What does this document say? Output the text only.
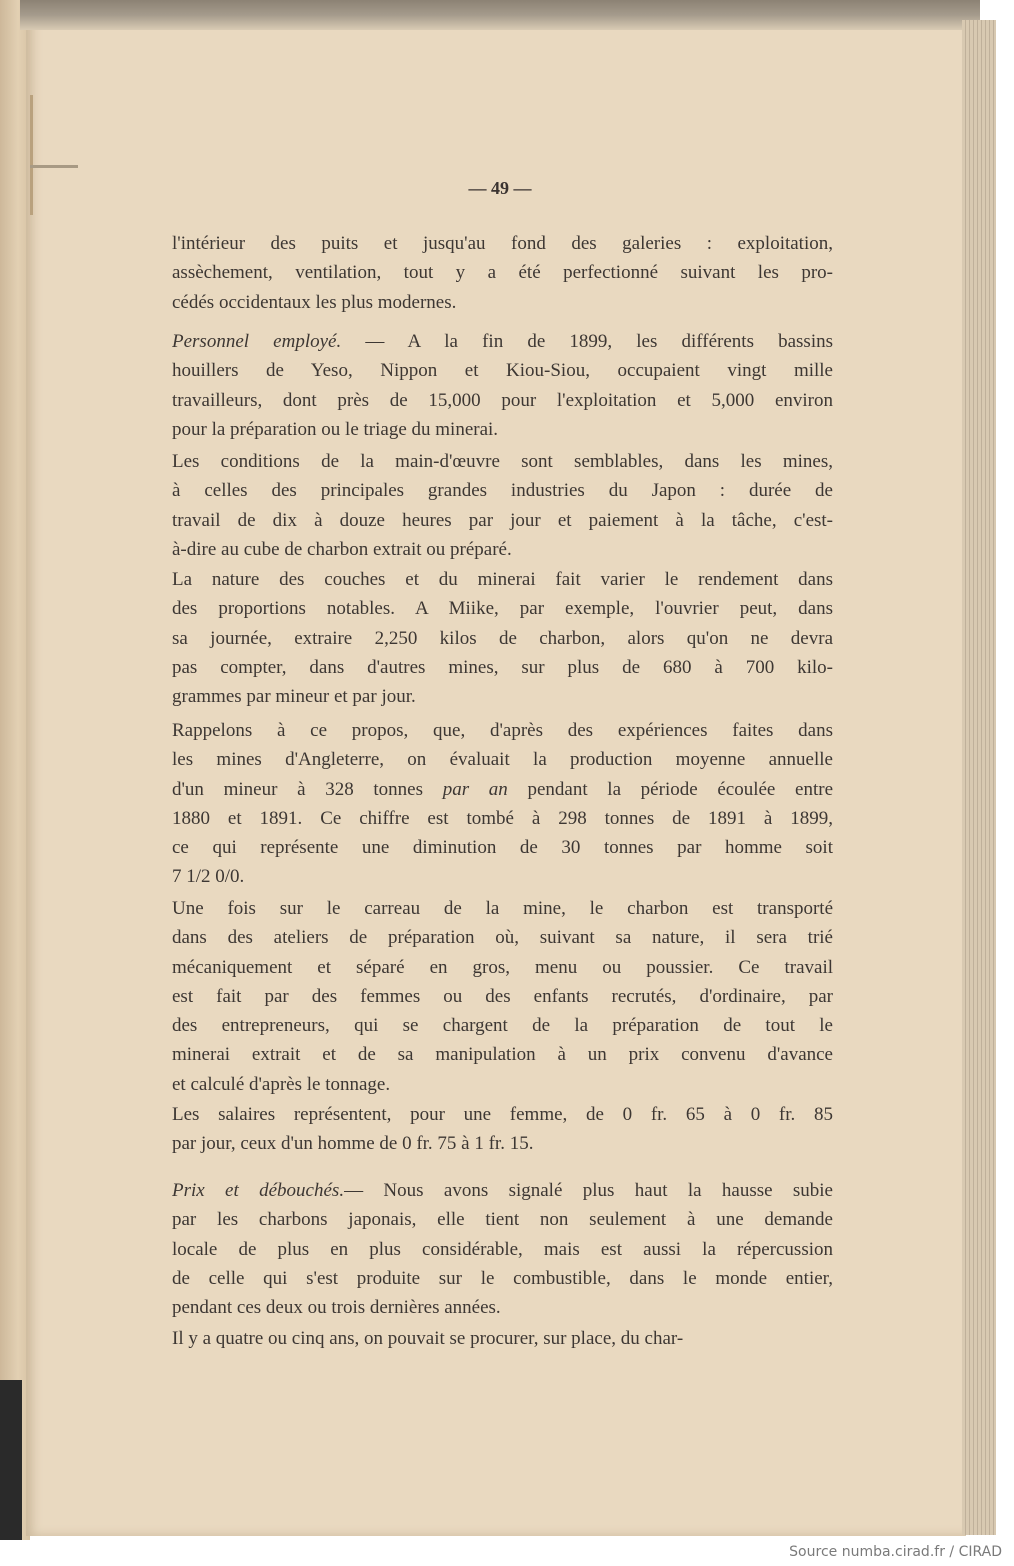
— 49 —
l'intérieur des puits et jusqu'au fond des galeries : exploitation,
assèchement, ventilation, tout y a été perfectionné suivant les pro-
cédés occidentaux les plus modernes.
Personnel employé. — A la fin de 1899, les différents bassins
houillers de Yeso, Nippon et Kiou-Siou, occupaient vingt mille
travailleurs, dont près de 15,000 pour l'exploitation et 5,000 environ
pour la préparation ou le triage du minerai.
Les conditions de la main-d'œuvre sont semblables, dans les mines,
à celles des principales grandes industries du Japon : durée de
travail de dix à douze heures par jour et paiement à la tâche, c'est-
à-dire au cube de charbon extrait ou préparé.
La nature des couches et du minerai fait varier le rendement dans
des proportions notables. A Miike, par exemple, l'ouvrier peut, dans
sa journée, extraire 2,250 kilos de charbon, alors qu'on ne devra
pas compter, dans d'autres mines, sur plus de 680 à 700 kilo-
grammes par mineur et par jour.
Rappelons à ce propos, que, d'après des expériences faites dans
les mines d'Angleterre, on évaluait la production moyenne annuelle
d'un mineur à 328 tonnes par an pendant la période écoulée entre
1880 et 1891. Ce chiffre est tombé à 298 tonnes de 1891 à 1899,
ce qui représente une diminution de 30 tonnes par homme soit
7 1/2 0/0.
Une fois sur le carreau de la mine, le charbon est transporté
dans des ateliers de préparation où, suivant sa nature, il sera trié
mécaniquement et séparé en gros, menu ou poussier. Ce travail
est fait par des femmes ou des enfants recrutés, d'ordinaire, par
des entrepreneurs, qui se chargent de la préparation de tout le
minerai extrait et de sa manipulation à un prix convenu d'avance
et calculé d'après le tonnage.
Les salaires représentent, pour une femme, de 0 fr. 65 à 0 fr. 85
par jour, ceux d'un homme de 0 fr. 75 à 1 fr. 15.
Prix et débouchés.— Nous avons signalé plus haut la hausse subie
par les charbons japonais, elle tient non seulement à une demande
locale de plus en plus considérable, mais est aussi la répercussion
de celle qui s'est produite sur le combustible, dans le monde entier,
pendant ces deux ou trois dernières années.
Il y a quatre ou cinq ans, on pouvait se procurer, sur place, du char-
Source numba.cirad.fr / CIRAD
